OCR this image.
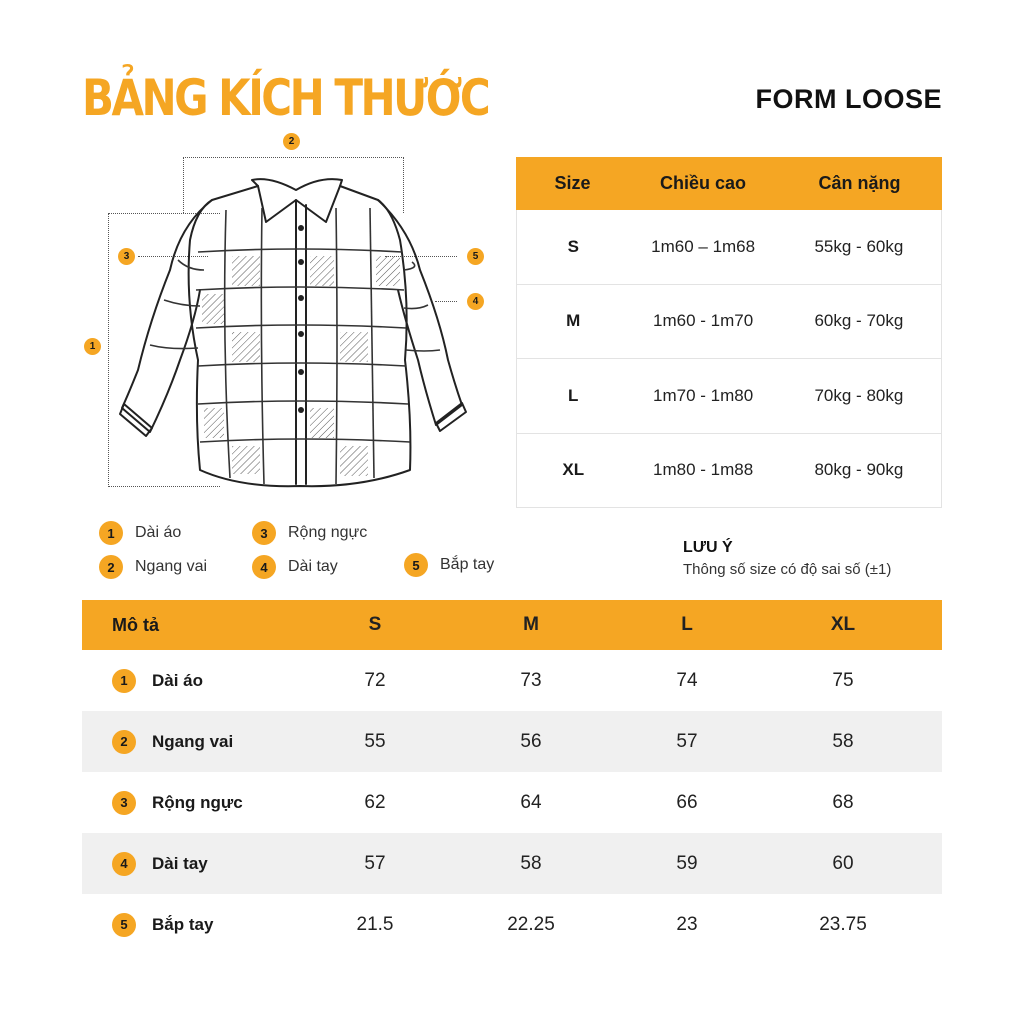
BẢNG KÍCH THƯỚC	FORM LOOSE
2
3	5
4
1
Size	Chiều cao	Cân nặng
S	1m60 – 1m68	55kg - 60kg
M	1m60 - 1m70	60kg - 70kg
L	1m70 - 1m80	70kg - 80kg
XL	1m80 - 1m88	80kg - 90kg
1	Dài áo
2	Ngang vai
3	Rộng ngực
4	Dài tay	5	Bắp tay
LƯU Ý
Thông số size có độ sai số (±1)
Mô tả	S	M	L	XL
1	Dài áo	72	73	74	75
2	Ngang vai	55	56	57	58
3	Rộng ngực	62	64	66	68
4	Dài tay	57	58	59	60
5	Bắp tay	21.5	22.25	23	23.75
